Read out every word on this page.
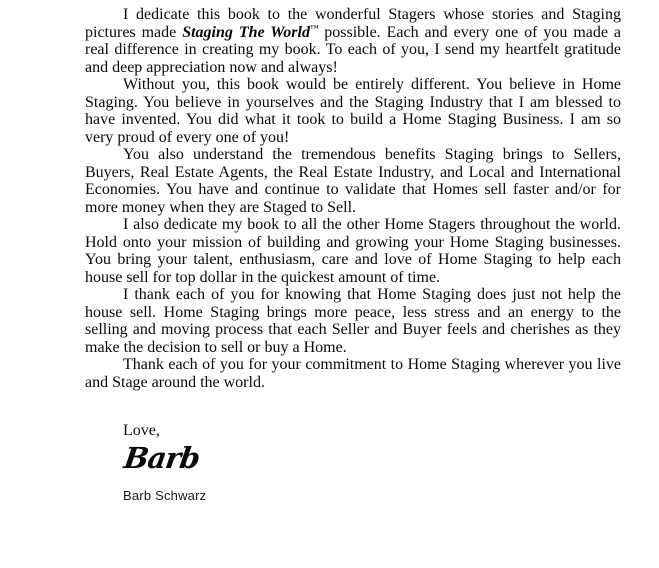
I dedicate this book to the wonderful Stagers whose stories and Staging pictures made Staging The World™ possible. Each and every one of you made a real difference in creating my book. To each of you, I send my heartfelt gratitude and deep appreciation now and always!

Without you, this book would be entirely different. You believe in Home Staging. You believe in yourselves and the Staging Industry that I am blessed to have invented. You did what it took to build a Home Staging Business. I am so very proud of every one of you!

You also understand the tremendous benefits Staging brings to Sellers, Buyers, Real Estate Agents, the Real Estate Industry, and Local and International Economies. You have and continue to validate that Homes sell faster and/or for more money when they are Staged to Sell.

I also dedicate my book to all the other Home Stagers throughout the world. Hold onto your mission of building and growing your Home Staging businesses. You bring your talent, enthusiasm, care and love of Home Staging to help each house sell for top dollar in the quickest amount of time.

I thank each of you for knowing that Home Staging does just not help the house sell. Home Staging brings more peace, less stress and an energy to the selling and moving process that each Seller and Buyer feels and cherishes as they make the decision to sell or buy a Home.

Thank each of you for your commitment to Home Staging wherever you live and Stage around the world.

Love,

Barb
Barb Schwarz
